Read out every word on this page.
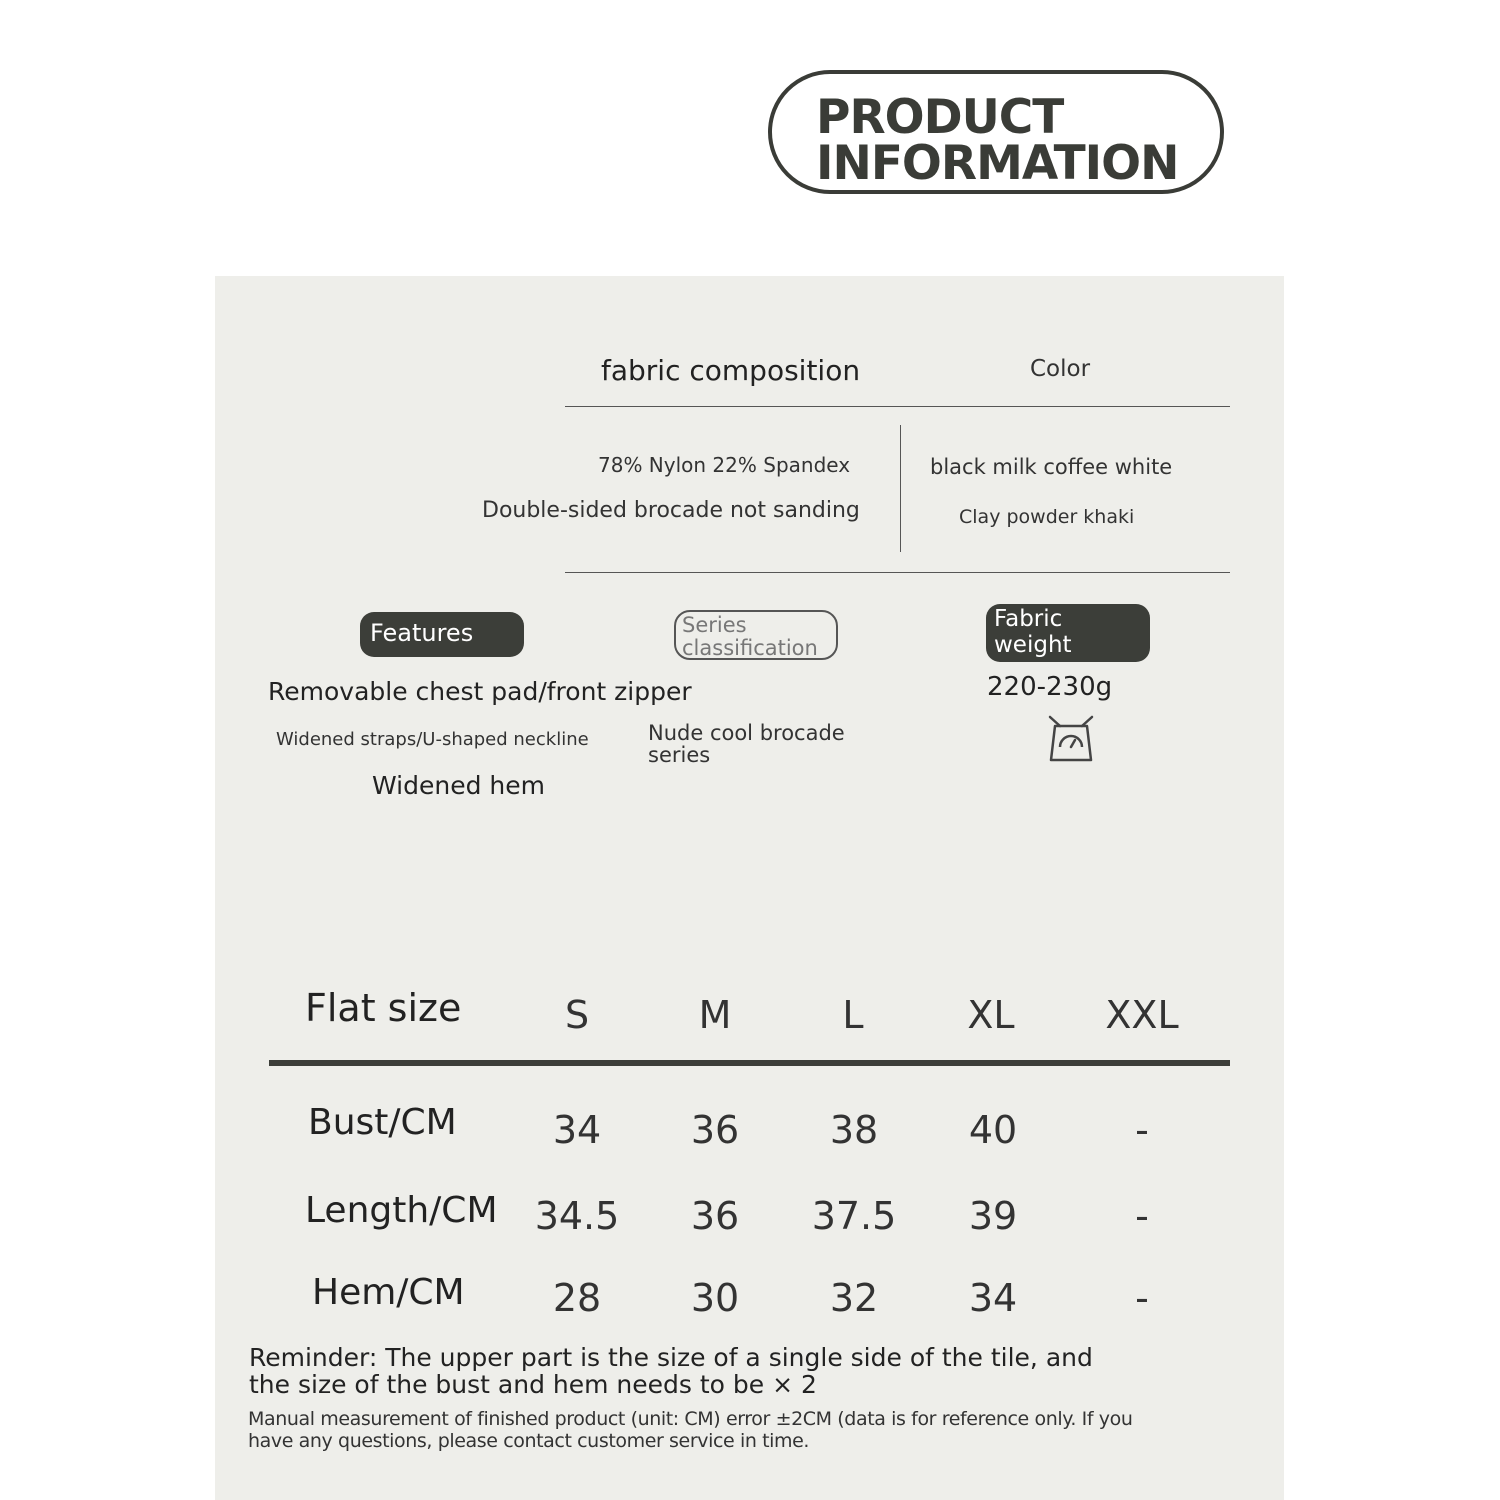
PRODUCT
INFORMATION
fabric composition	Color
78% Nylon 22% Spandex
Double-sided brocade not sanding
black milk coffee white
Clay powder khaki
Features
Removable chest pad/front zipper
Widened straps/U-shaped neckline
Widened hem
Series
classification
Nude cool brocade
series
Fabric
weight
220-230g
Flat size	S	M	L	XL	XXL
Bust/CM	34	36	38	40	-
Length/CM 34.5	36	37.5	39	-
Hem/CM	28	30	32	34	-
Reminder: The upper part is the size of a single side of the tile, and
the size of the bust and hem needs to be × 2
Manual measurement of finished product (unit: CM) error ±2CM (data is for reference only. If you
have any questions, please contact customer service in time.
